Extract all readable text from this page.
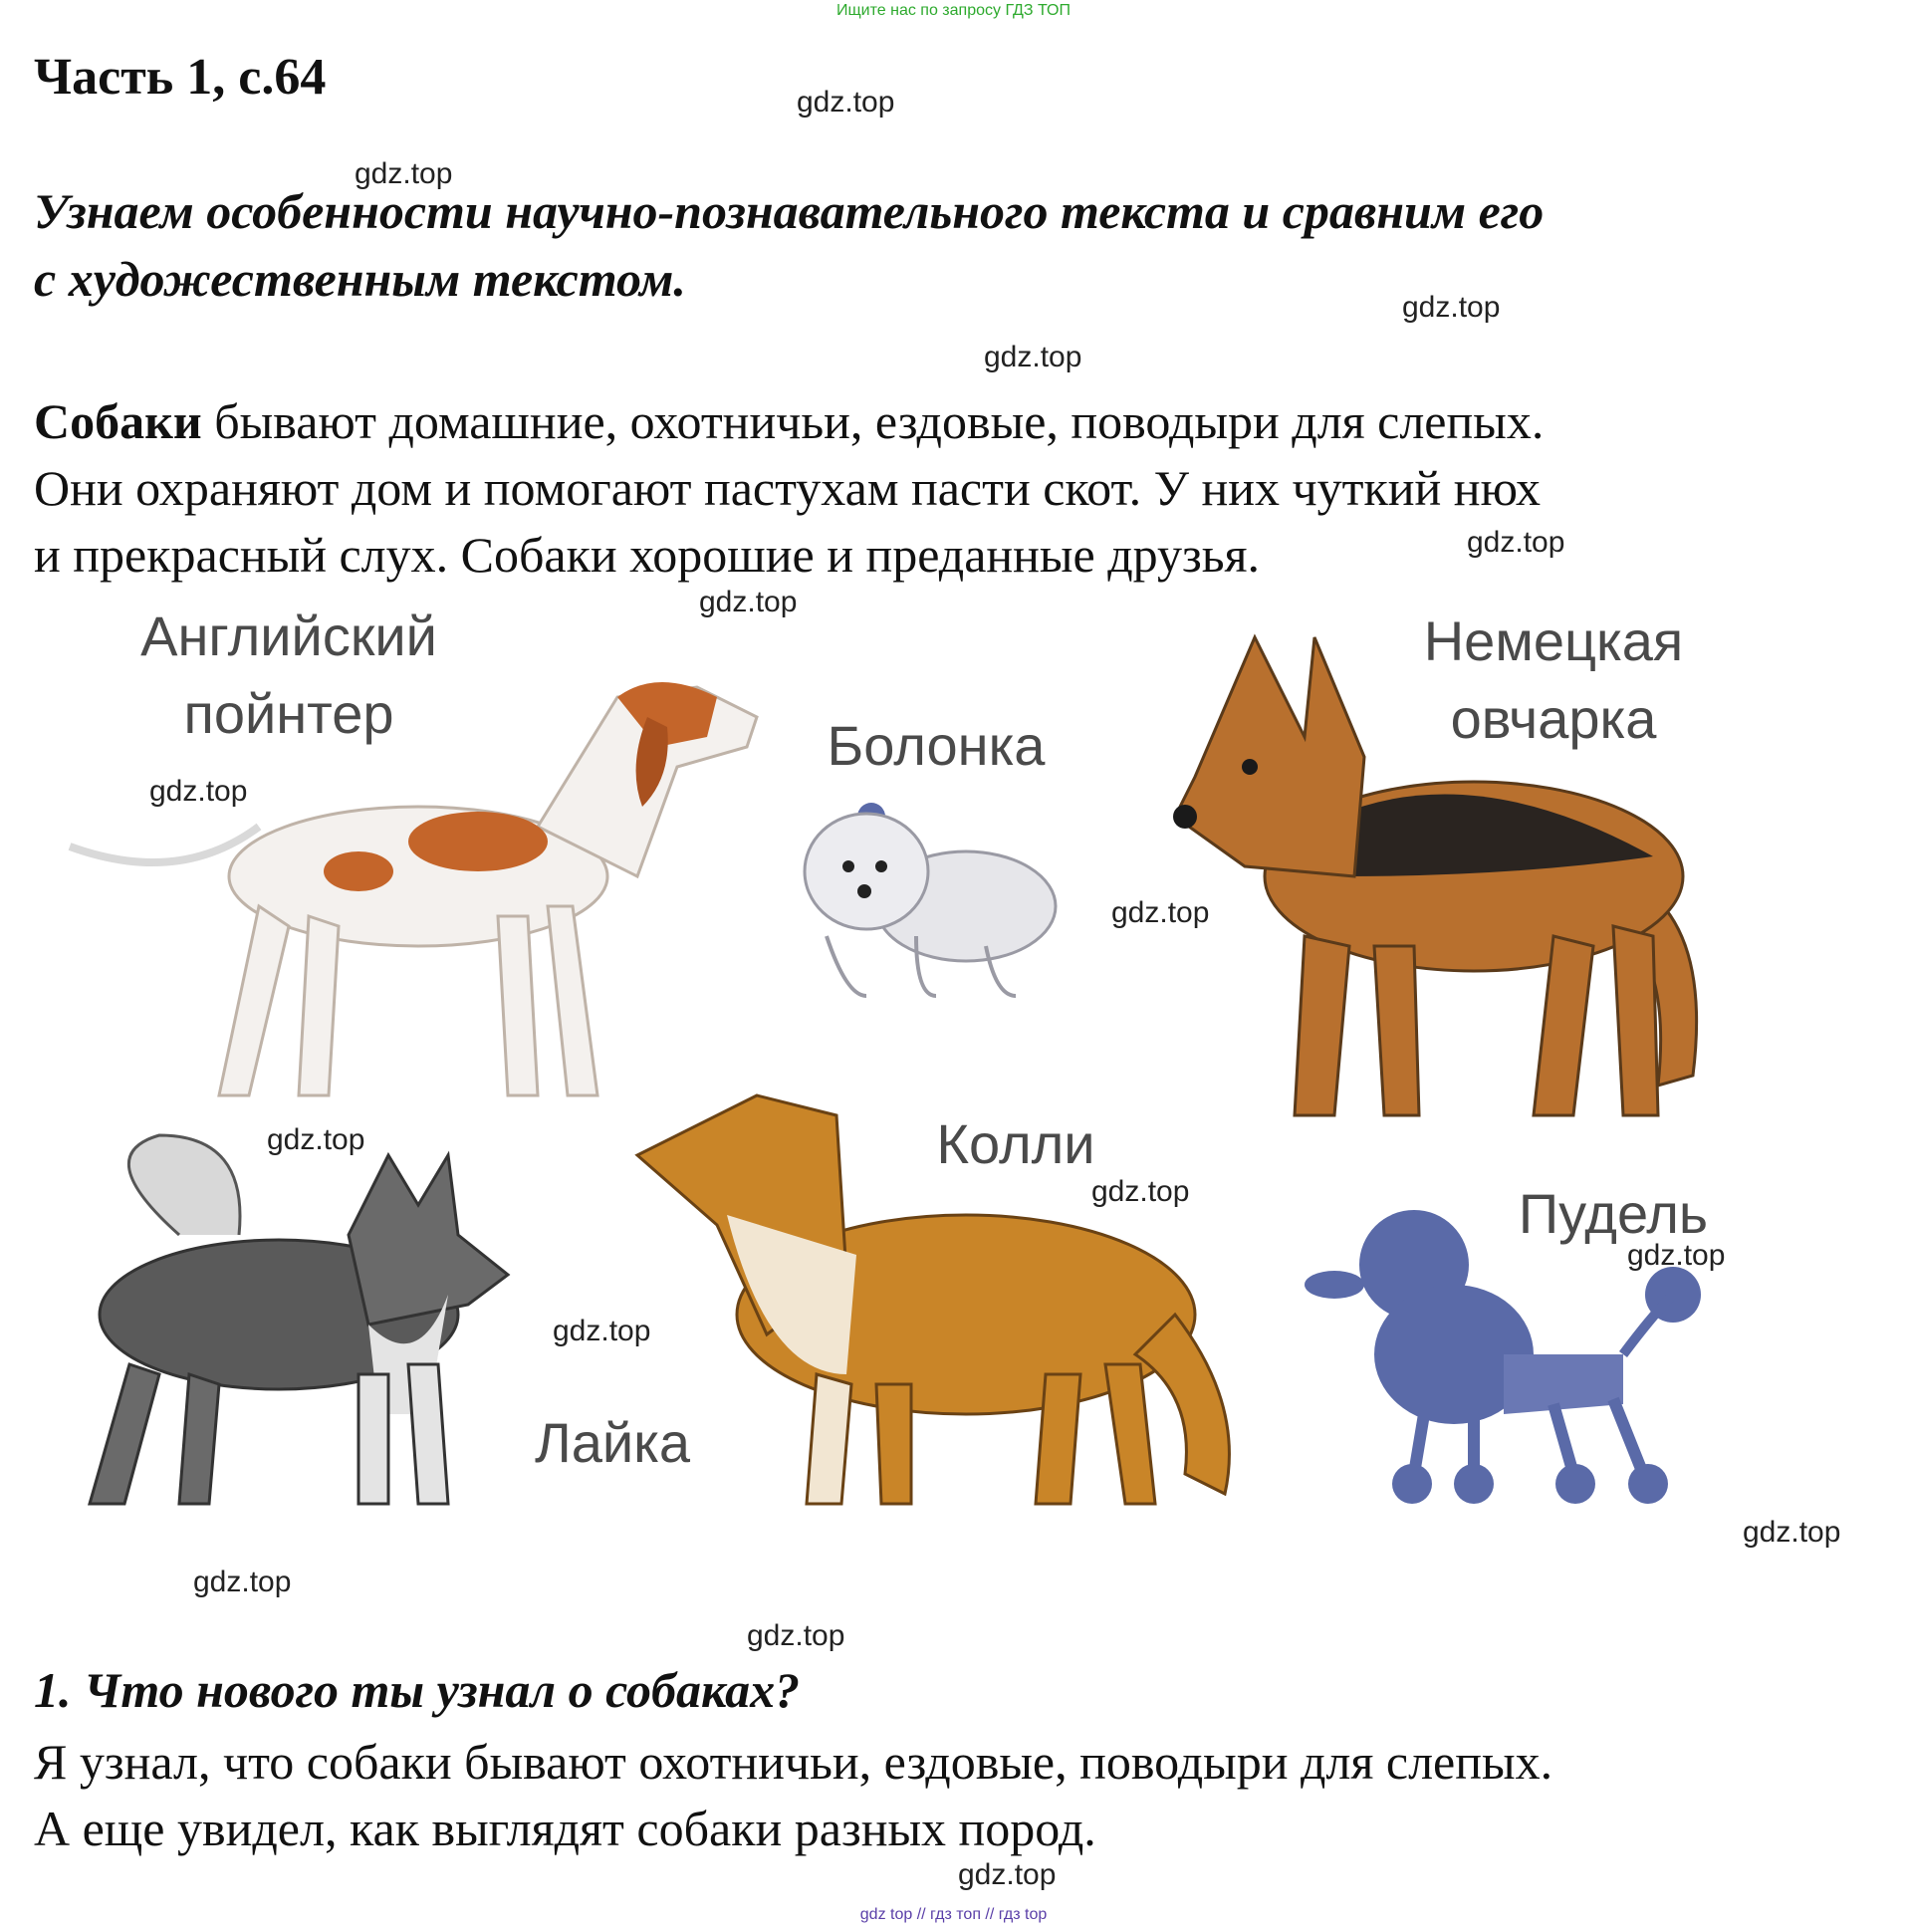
Ищите нас по запросу ГДЗ ТОП
Часть 1, с.64
Узнаем особенности научно-познавательного текста и сравним его
с художественным текстом.
Собаки бывают домашние, охотничьи, ездовые, поводыри для слепых.
Они охраняют дом и помогают пастухам пасти скот. У них чуткий нюх
и прекрасный слух. Собаки хорошие и преданные друзья.
Английский
пойнтер
Болонка
Немецкая
овчарка
Колли
Пудель
Лайка
1. Что нового ты узнал о собаках?
Я узнал, что собаки бывают охотничьи, ездовые, поводыри для слепых.
А еще увидел, как выглядят собаки разных пород.
gdz.top
gdz.top
gdz.top
gdz.top
gdz.top
gdz.top
gdz.top
gdz.top
gdz.top
gdz.top
gdz.top
gdz.top
gdz.top
gdz.top
gdz.top
gdz.top
gdz top // гдз топ // гдз top
